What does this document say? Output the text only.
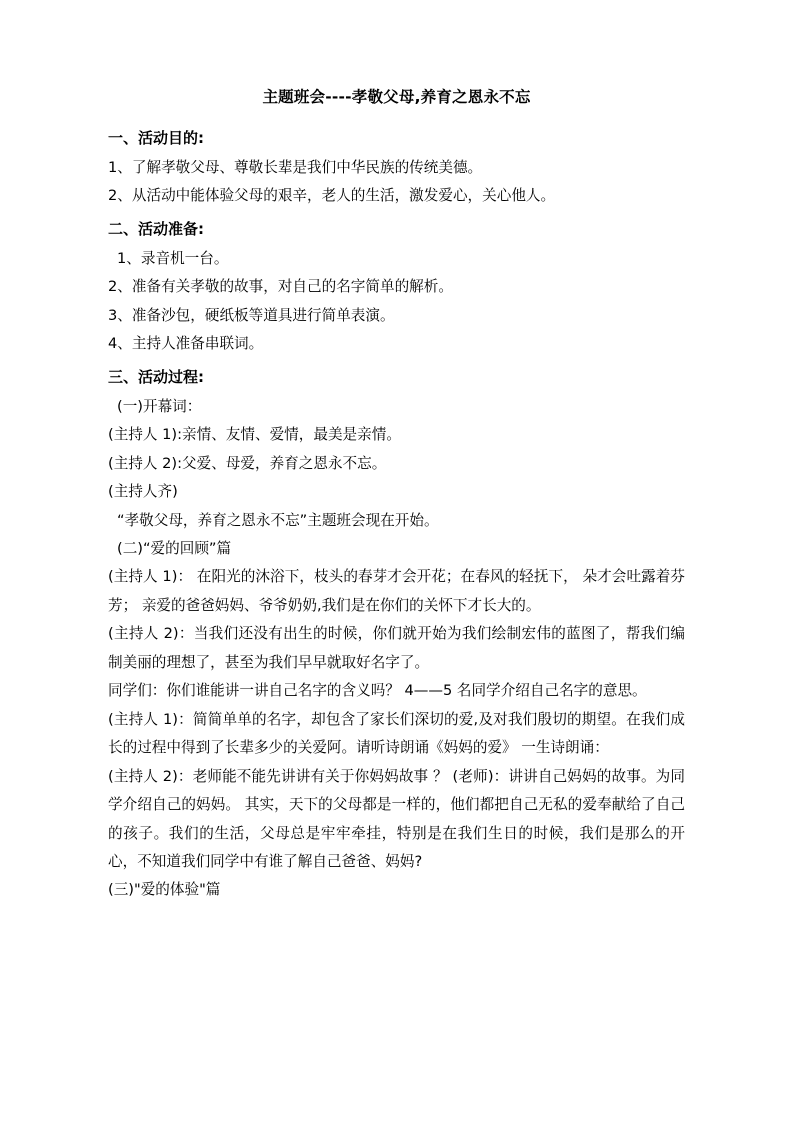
主题班会----孝敬父母,养育之恩永不忘
一、活动目的:

1、了解孝敬父母、尊敬长辈是我们中华民族的传统美德。

2、从活动中能体验父母的艰辛，老人的生活，激发爱心，关心他人。

二、活动准备:

1、录音机一台。

2、准备有关孝敬的故事，对自己的名字简单的解析。

3、准备沙包，硬纸板等道具进行简单表演。

4、主持人准备串联词。

三、活动过程:

(一)开幕词：

(主持人 1):亲情、友情、爱情，最美是亲情。

(主持人 2):父爱、母爱，养育之恩永不忘。

(主持人齐)

“孝敬父母，养育之恩永不忘”主题班会现在开始。

(二)“爱的回顾”篇

(主持人 1)： 在阳光的沐浴下，枝头的春芽才会开花；在春风的轻抚下， 朵才会吐露着芬芳； 亲爱的爸爸妈妈、爷爷奶奶,我们是在你们的关怀下才长大的。

(主持人 2)：当我们还没有出生的时候，你们就开始为我们绘制宏伟的蓝图了，帮我们编制美丽的理想了，甚至为我们早早就取好名字了。

同学们：你们谁能讲一讲自己名字的含义吗？ 4——5 名同学介绍自己名字的意思。

(主持人 1)：简简单单的名字，却包含了家长们深切的爱,及对我们殷切的期望。在我们成长的过程中得到了长辈多少的关爱阿。请听诗朗诵《妈妈的爱》 一生诗朗诵：

(主持人 2)：老师能不能先讲讲有关于你妈妈故事 ？ (老师)：讲讲自己妈妈的故事。为同学介绍自己的妈妈。 其实，天下的父母都是一样的，他们都把自己无私的爱奉献给了自己的孩子。我们的生活，父母总是牢牢牵挂，特别是在我们生日的时候，我们是那么的开心，不知道我们同学中有谁了解自己爸爸、妈妈?

(三)"爱的体验"篇
